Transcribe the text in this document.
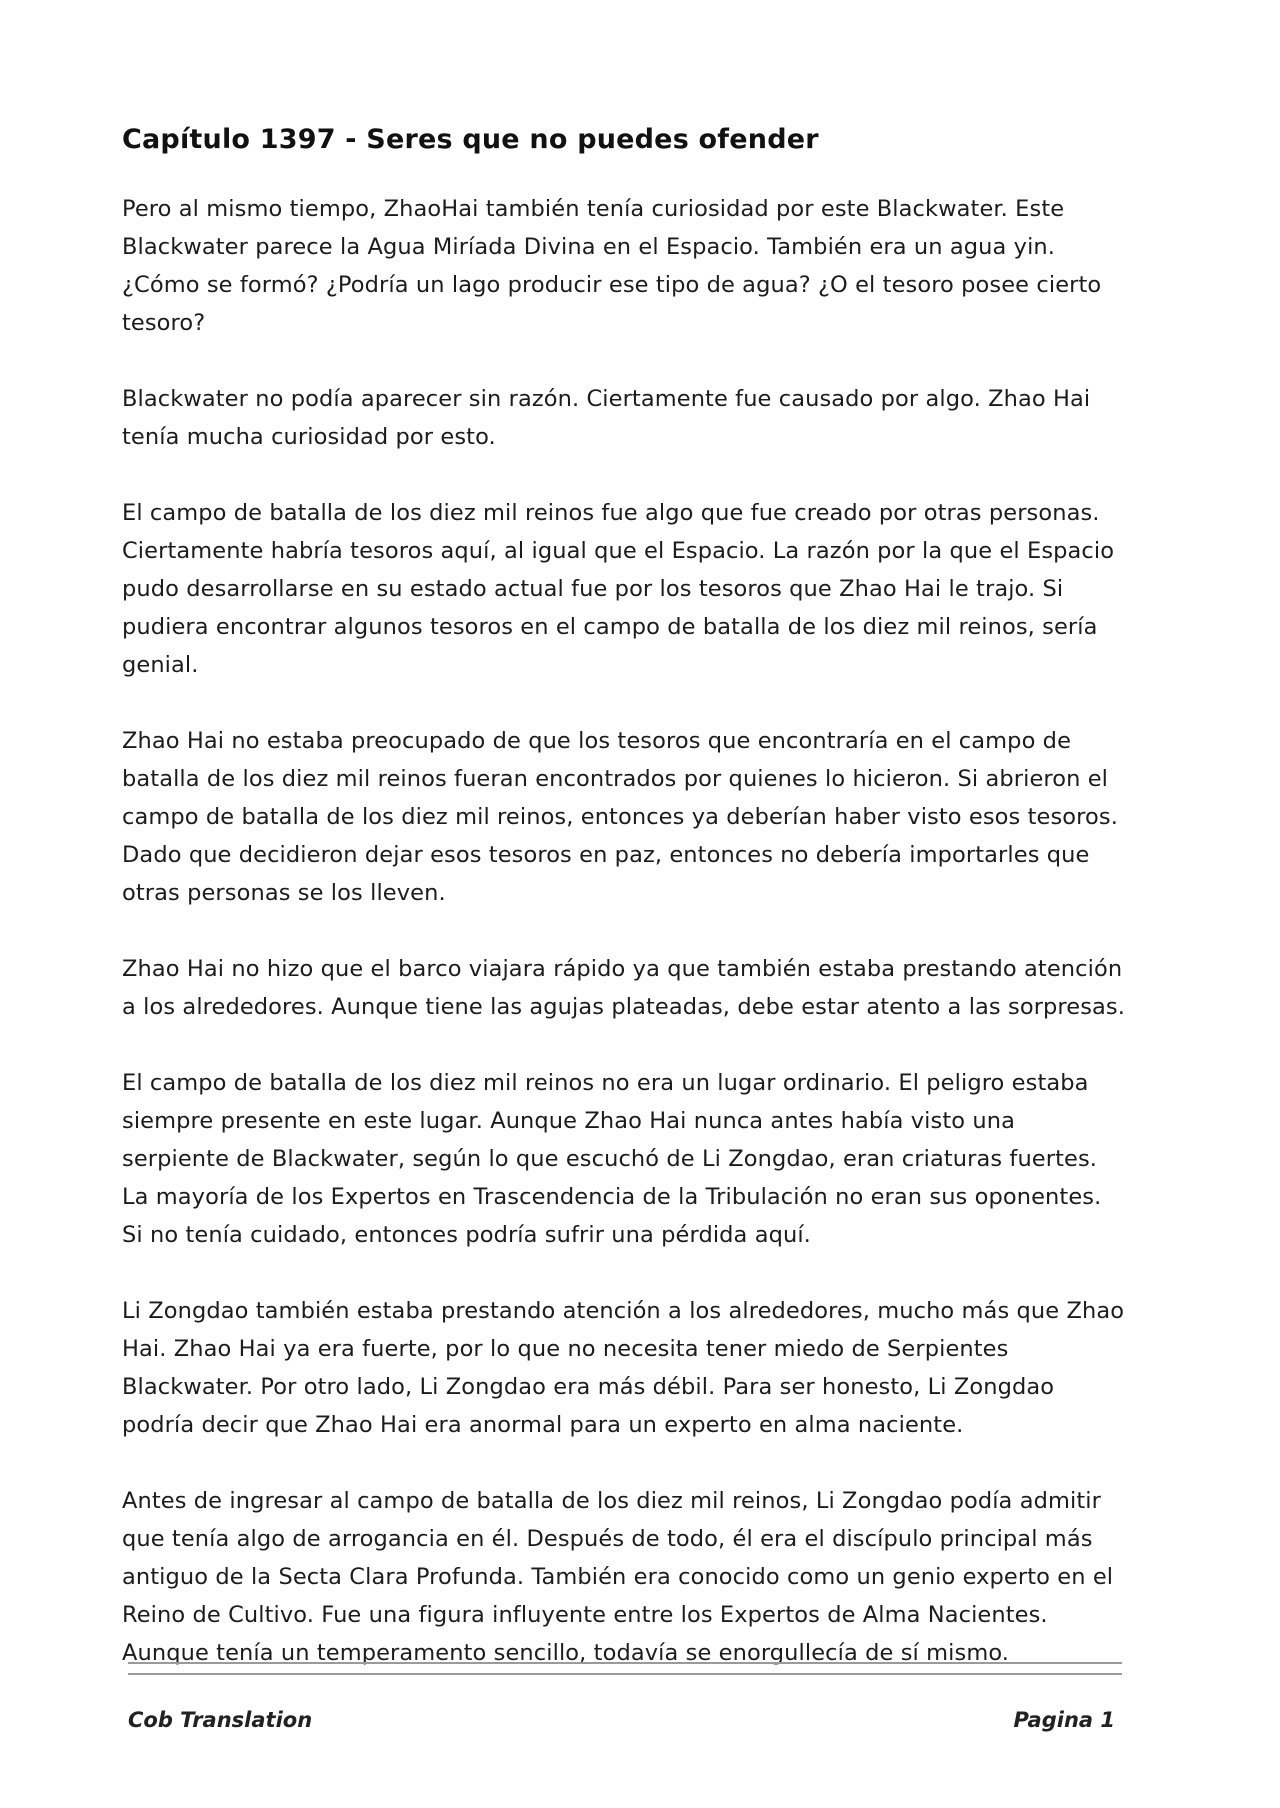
Capítulo 1397 - Seres que no puedes ofender

Pero al mismo tiempo, ZhaoHai también tenía curiosidad por este Blackwater. Este Blackwater parece la Agua Miríada Divina en el Espacio. También era un agua yin. ¿Cómo se formó? ¿Podría un lago producir ese tipo de agua? ¿O el tesoro posee cierto tesoro?

Blackwater no podía aparecer sin razón. Ciertamente fue causado por algo. Zhao Hai tenía mucha curiosidad por esto.

El campo de batalla de los diez mil reinos fue algo que fue creado por otras personas. Ciertamente habría tesoros aquí, al igual que el Espacio. La razón por la que el Espacio pudo desarrollarse en su estado actual fue por los tesoros que Zhao Hai le trajo. Si pudiera encontrar algunos tesoros en el campo de batalla de los diez mil reinos, sería genial.

Zhao Hai no estaba preocupado de que los tesoros que encontraría en el campo de batalla de los diez mil reinos fueran encontrados por quienes lo hicieron. Si abrieron el campo de batalla de los diez mil reinos, entonces ya deberían haber visto esos tesoros. Dado que decidieron dejar esos tesoros en paz, entonces no debería importarles que otras personas se los lleven.

Zhao Hai no hizo que el barco viajara rápido ya que también estaba prestando atención a los alrededores. Aunque tiene las agujas plateadas, debe estar atento a las sorpresas.

El campo de batalla de los diez mil reinos no era un lugar ordinario. El peligro estaba siempre presente en este lugar. Aunque Zhao Hai nunca antes había visto una serpiente de Blackwater, según lo que escuchó de Li Zongdao, eran criaturas fuertes. La mayoría de los Expertos en Trascendencia de la Tribulación no eran sus oponentes. Si no tenía cuidado, entonces podría sufrir una pérdida aquí.

Li Zongdao también estaba prestando atención a los alrededores, mucho más que Zhao Hai. Zhao Hai ya era fuerte, por lo que no necesita tener miedo de Serpientes Blackwater. Por otro lado, Li Zongdao era más débil. Para ser honesto, Li Zongdao podría decir que Zhao Hai era anormal para un experto en alma naciente.

Antes de ingresar al campo de batalla de los diez mil reinos, Li Zongdao podía admitir que tenía algo de arrogancia en él. Después de todo, él era el discípulo principal más antiguo de la Secta Clara Profunda. También era conocido como un genio experto en el Reino de Cultivo. Fue una figura influyente entre los Expertos de Alma Nacientes. Aunque tenía un temperamento sencillo, todavía se enorgullecía de sí mismo.

Cob Translation	Pagina 1
